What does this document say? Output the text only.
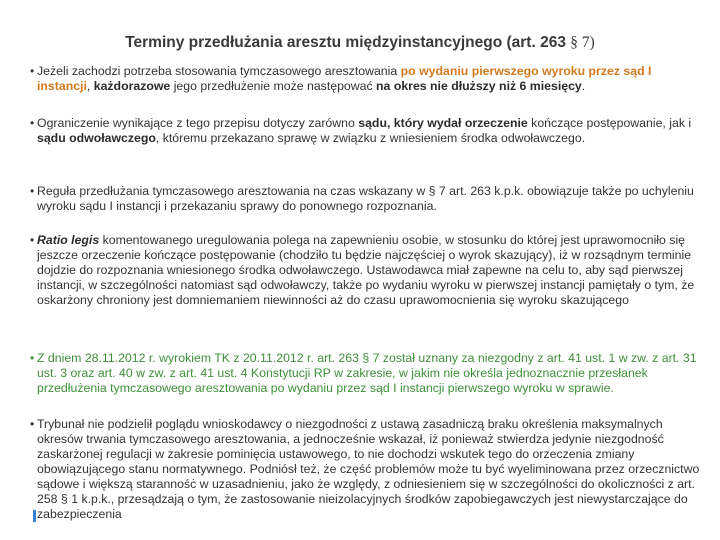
Terminy przedłużania aresztu międzyinstancyjnego (art. 263 § 7)
• Jeżeli zachodzi potrzeba stosowania tymczasowego aresztowania po wydaniu pierwszego wyroku przez sąd I instancji, każdorazowe jego przedłużenie może następować na okres nie dłuższy niż 6 miesięcy.
• Ograniczenie wynikające z tego przepisu dotyczy zarówno sądu, który wydał orzeczenie kończące postępowanie, jak i sądu odwoławczego, któremu przekazano sprawę w związku z wniesieniem środka odwoławczego.
• Reguła przedłużania tymczasowego aresztowania na czas wskazany w § 7 art. 263 k.p.k. obowiązuje także po uchyleniu wyroku sądu I instancji i przekazaniu sprawy do ponownego rozpoznania.
• Ratio legis komentowanego uregulowania polega na zapewnieniu osobie, w stosunku do której jest uprawomocniło się jeszcze orzeczenie kończące postępowanie (chodziło tu będzie najczęściej o wyrok skazujący), iż w rozsądnym terminie dojdzie do rozpoznania wniesionego środka odwoławczego. Ustawodawca miał zapewne na celu to, aby sąd pierwszej instancji, w szczególności natomiast sąd odwoławczy, także po wydaniu wyroku w pierwszej instancji pamiętały o tym, że oskarżony chroniony jest domniemaniem niewinności aż do czasu uprawomocnienia się wyroku skazującego
• Z dniem 28.11.2012 r. wyrokiem TK z 20.11.2012 r. art. 263 § 7 został uznany za niezgodny z art. 41 ust. 1 w zw. z art. 31 ust. 3 oraz art. 40 w zw. z art. 41 ust. 4 Konstytucji RP w zakresie, w jakim nie określa jednoznacznie przesłanek przedłużenia tymczasowego aresztowania po wydaniu przez sąd I instancji pierwszego wyroku w sprawie.
• Trybunał nie podzielił poglądu wnioskodawcy o niezgodności z ustawą zasadniczą braku określenia maksymalnych okresów trwania tymczasowego aresztowania, a jednocześnie wskazał, iż ponieważ stwierdza jedynie niezgodność zaskarżonej regulacji w zakresie pominięcia ustawowego, to nie dochodzi wskutek tego do orzeczenia zmiany obowiązującego stanu normatywnego. Podniósł też, że część problemów może tu być wyeliminowana przez orzecznictwo sądowe i większą starannośċ w uzasadnieniu, jako że względy, z odniesieniem się w szczególności do okoliczności z art. 258 § 1 k.p.k., przesądzają o tym, że zastosowanie nieizolacyjnych środków zapobiegawczych jest niewystarczające do zabezpieczenia
